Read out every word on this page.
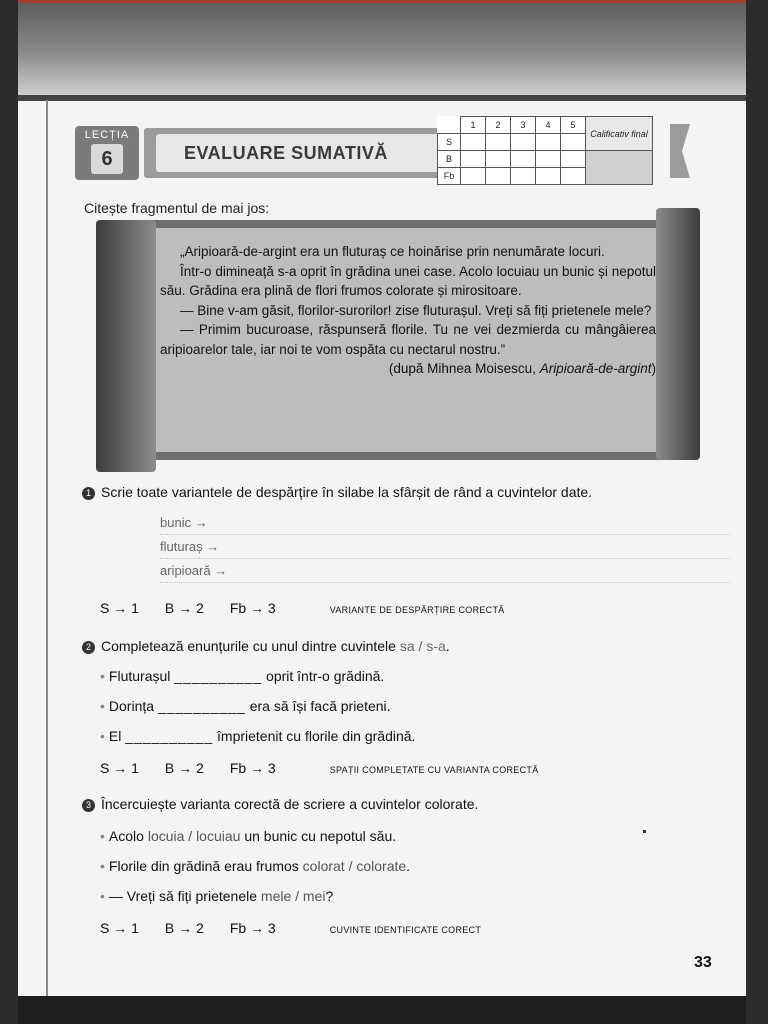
LECȚIA
6	EVALUARE SUMATIVĂ
	1	2	3	4	5	Calificativ final
S						
B						
Fb						
Citește fragmentul de mai jos:

„Aripioară-de-argint era un fluturaș ce hoinărise prin nenumărate locuri.

Într-o dimineață s-a oprit în grădina unei case. Acolo locuiau un bunic și nepotul său. Grădina era plină de flori frumos colorate și mirositoare.

— Bine v-am găsit, florilor-surorilor! zise fluturașul. Vreți să fiți prietenele mele?

— Primim bucuroase, răspunseră florile. Tu ne vei dezmierda cu mângâierea aripioarelor tale, iar noi te vom ospăta cu nectarul nostru.”

(după Mihnea Moisescu, Aripioară-de-argint)

1 Scrie toate variantele de despărțire în silabe la sfârșit de rând a cuvintelor date.
bunic →
fluturaș →
aripioară →
S → 1 B → 2 Fb → 3	VARIANTE DE DESPĂRȚIRE CORECTĂ
2 Completează enunțurile cu unul dintre cuvintele sa / s-a.
• Fluturașul __________ oprit într-o grădină.
• Dorința __________ era să își facă prieteni.
• El __________ împrietenit cu florile din grădină.
S → 1 B → 2 Fb → 3	SPAȚII COMPLETATE CU VARIANTA CORECTĂ
3 Încercuiește varianta corectă de scriere a cuvintelor colorate.
• Acolo locuia / locuiau un bunic cu nepotul său.
• Florile din grădină erau frumos colorat / colorate.
• — Vreți să fiți prietenele mele / mei?
S → 1 B → 2 Fb → 3	CUVINTE IDENTIFICATE CORECT
33
